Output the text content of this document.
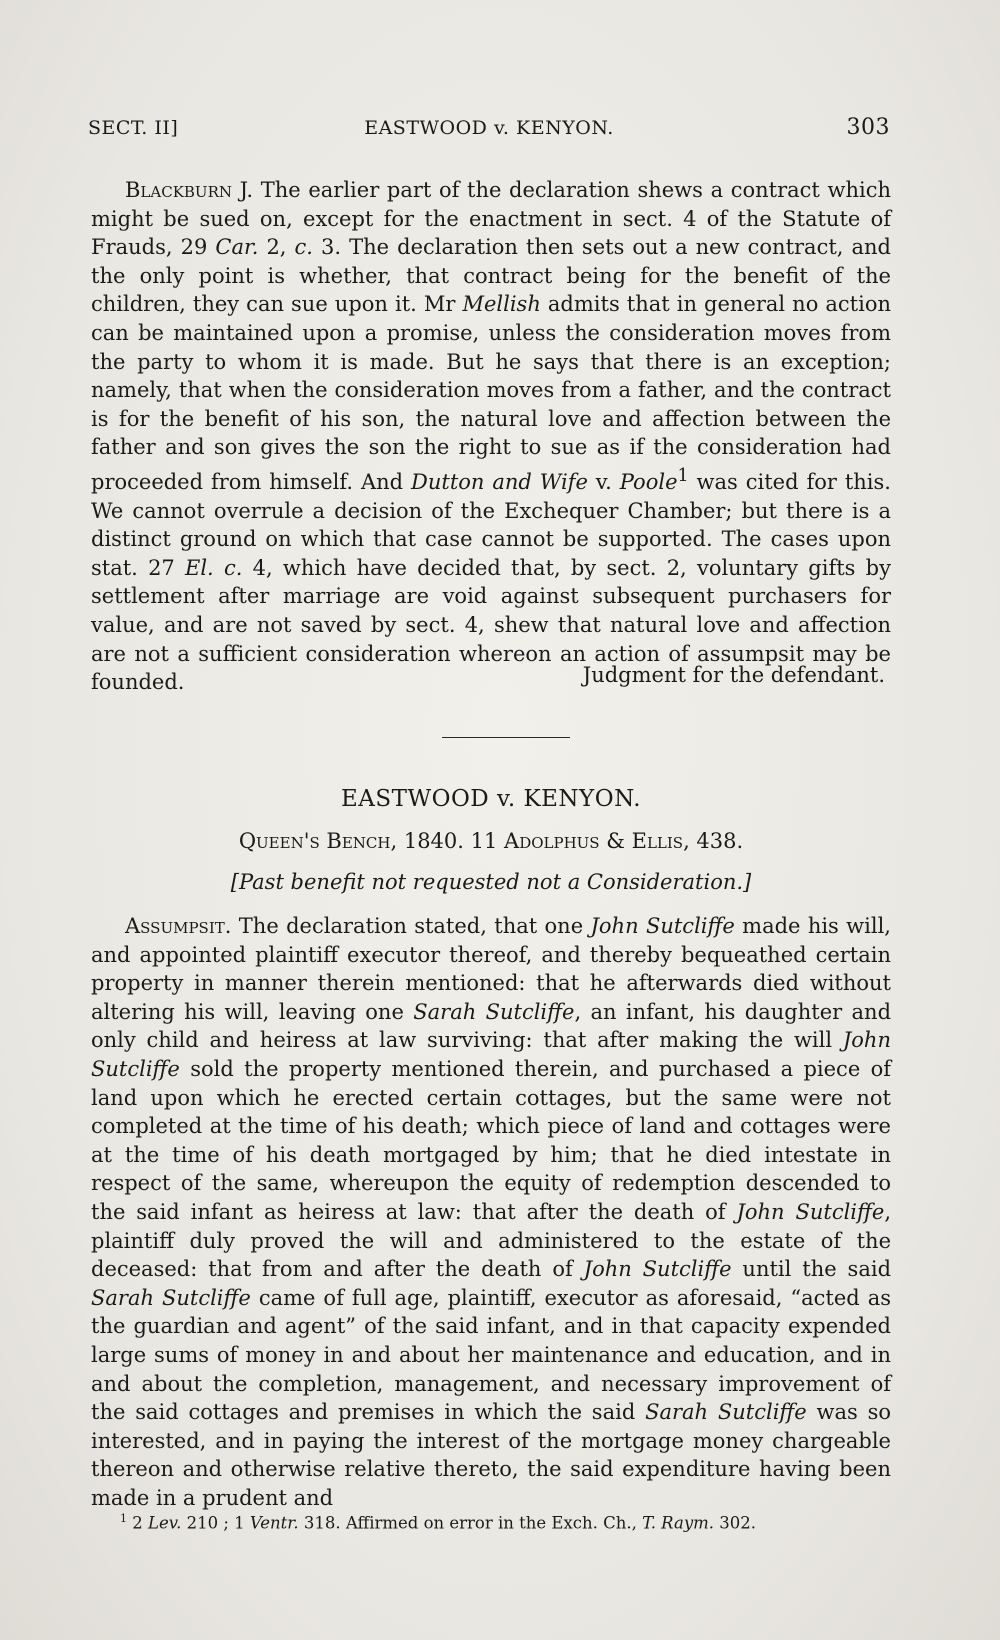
SECT. II]	EASTWOOD v. KENYON.	303
Blackburn J. The earlier part of the declaration shews a contract which might be sued on, except for the enactment in sect. 4 of the Statute of Frauds, 29 Car. 2, c. 3. The declaration then sets out a new contract, and the only point is whether, that contract being for the benefit of the children, they can sue upon it. Mr Mellish admits that in general no action can be maintained upon a promise, unless the consideration moves from the party to whom it is made. But he says that there is an exception; namely, that when the consideration moves from a father, and the contract is for the benefit of his son, the natural love and affection between the father and son gives the son the right to sue as if the consideration had proceeded from himself. And Dutton and Wife v. Poole$^1$ was cited for this. We cannot overrule a decision of the Exchequer Chamber; but there is a distinct ground on which that case cannot be supported. The cases upon stat. 27 El. c. 4, which have decided that, by sect. 2, voluntary gifts by settlement after marriage are void against subsequent purchasers for value, and are not saved by sect. 4, shew that natural love and affection are not a sufficient consideration whereon an action of assumpsit may be founded.	Judgment for the defendant.
EASTWOOD v. KENYON.
Queen's Bench, 1840. 11 Adolphus & Ellis, 438.
[Past benefit not requested not a Consideration.]
Assumpsit. The declaration stated, that one John Sutcliffe made his will, and appointed plaintiff executor thereof, and thereby bequeathed certain property in manner therein mentioned: that he afterwards died without altering his will, leaving one Sarah Sutcliffe, an infant, his daughter and only child and heiress at law surviving: that after making the will John Sutcliffe sold the property mentioned therein, and purchased a piece of land upon which he erected certain cottages, but the same were not completed at the time of his death; which piece of land and cottages were at the time of his death mortgaged by him; that he died intestate in respect of the same, whereupon the equity of redemption descended to the said infant as heiress at law: that after the death of John Sutcliffe, plaintiff duly proved the will and administered to the estate of the deceased: that from and after the death of John Sutcliffe until the said Sarah Sutcliffe came of full age, plaintiff, executor as aforesaid, “acted as the guardian and agent” of the said infant, and in that capacity expended large sums of money in and about her maintenance and education, and in and about the completion, management, and necessary improvement of the said cottages and premises in which the said Sarah Sutcliffe was so interested, and in paying the interest of the mortgage money chargeable thereon and otherwise relative thereto, the said expenditure having been made in a prudent and
$^1$ 2 Lev. 210 ; 1 Ventr. 318. Affirmed on error in the Exch. Ch., T. Raym. 302.
